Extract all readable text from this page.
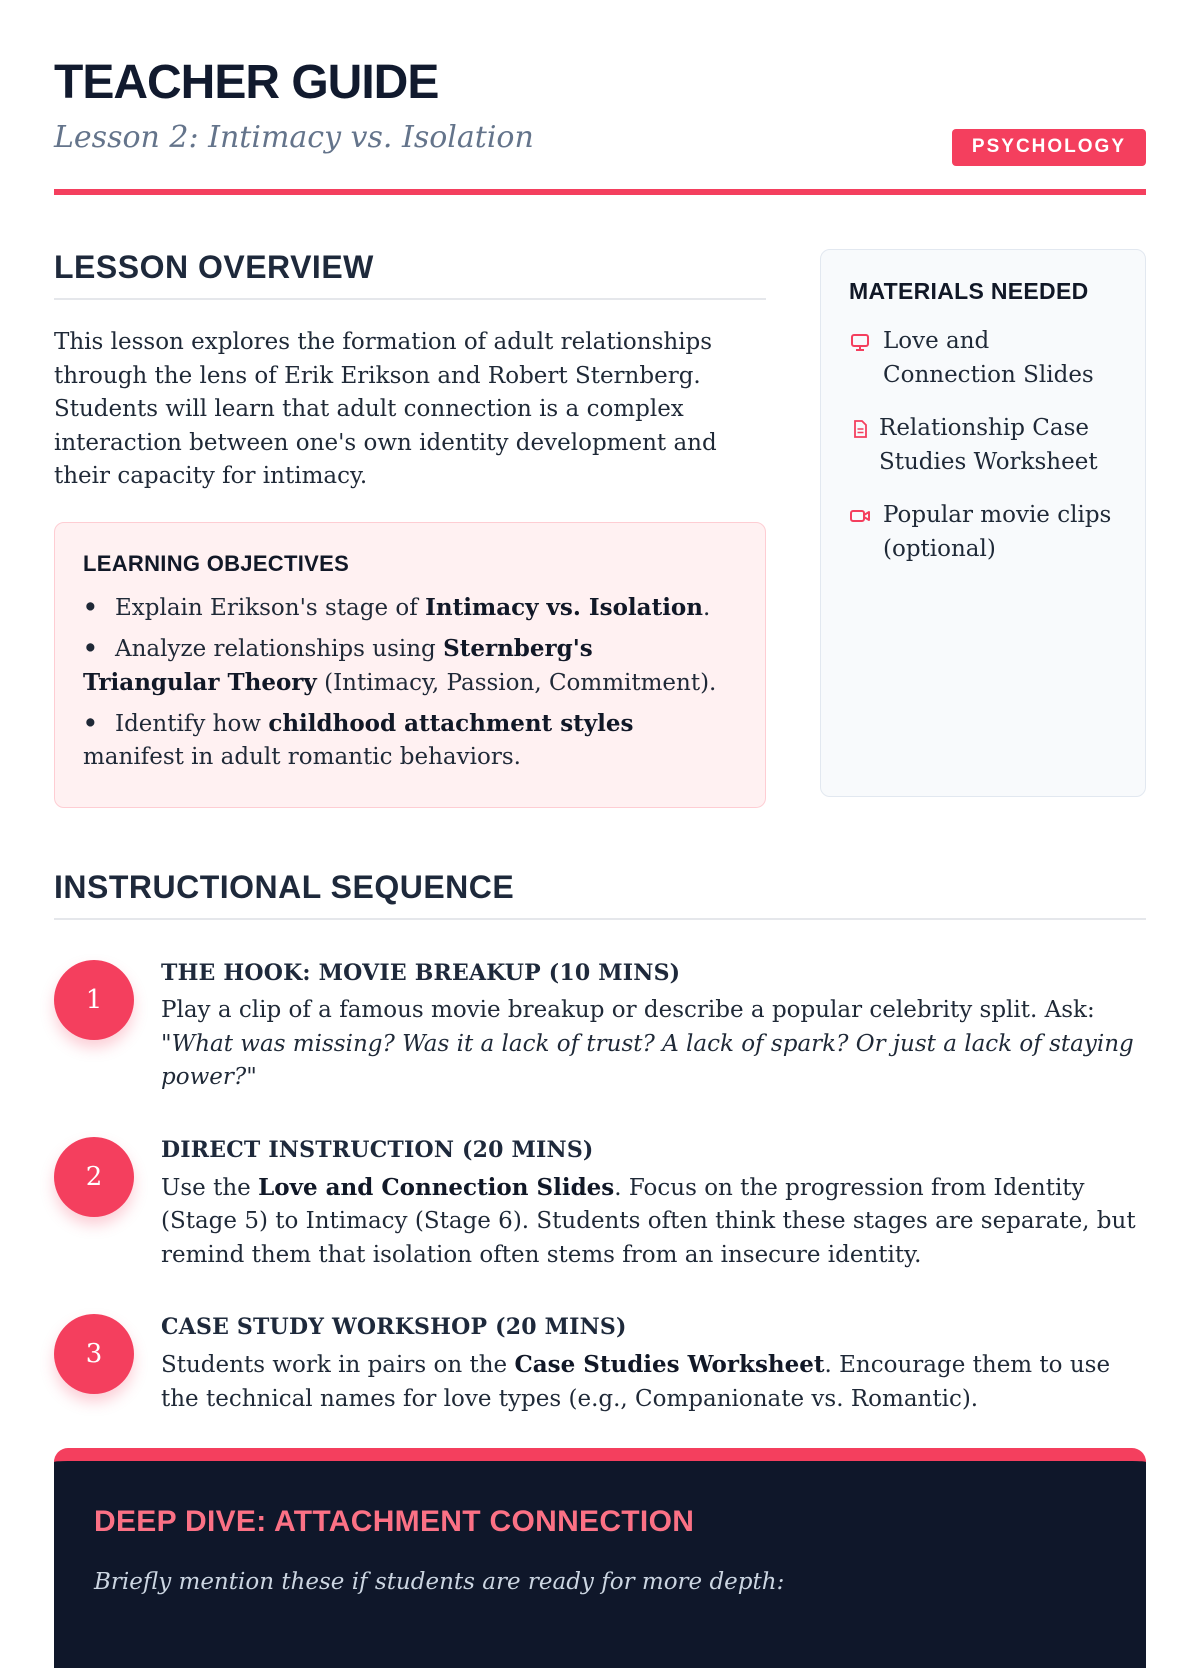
TEACHER GUIDE
Lesson 2: Intimacy vs. Isolation	PSYCHOLOGY
LESSON OVERVIEW

This lesson explores the formation of adult relationships through the lens of Erik Erikson and Robert Sternberg. Students will learn that adult connection is a complex interaction between one's own identity development and their capacity for intimacy.

LEARNING OBJECTIVES
• Explain Erikson's stage of Intimacy vs. Isolation.
• Analyze relationships using Sternberg's Triangular Theory (Intimacy, Passion, Commitment).
• Identify how childhood attachment styles manifest in adult romantic behaviors.
MATERIALS NEEDED
Love and Connection Slides
Relationship Case Studies Worksheet
Popular movie clips (optional)
INSTRUCTIONAL SEQUENCE
1
THE HOOK: MOVIE BREAKUP (10 MINS)

Play a clip of a famous movie breakup or describe a popular celebrity split. Ask: "What was missing? Was it a lack of trust? A lack of spark? Or just a lack of staying power?"

2
DIRECT INSTRUCTION (20 MINS)

Use the Love and Connection Slides. Focus on the progression from Identity (Stage 5) to Intimacy (Stage 6). Students often think these stages are separate, but remind them that isolation often stems from an insecure identity.

3
CASE STUDY WORKSHOP (20 MINS)

Students work in pairs on the Case Studies Worksheet. Encourage them to use the technical names for love types (e.g., Companionate vs. Romantic).

DEEP DIVE: ATTACHMENT CONNECTION
Briefly mention these if students are ready for more depth:
